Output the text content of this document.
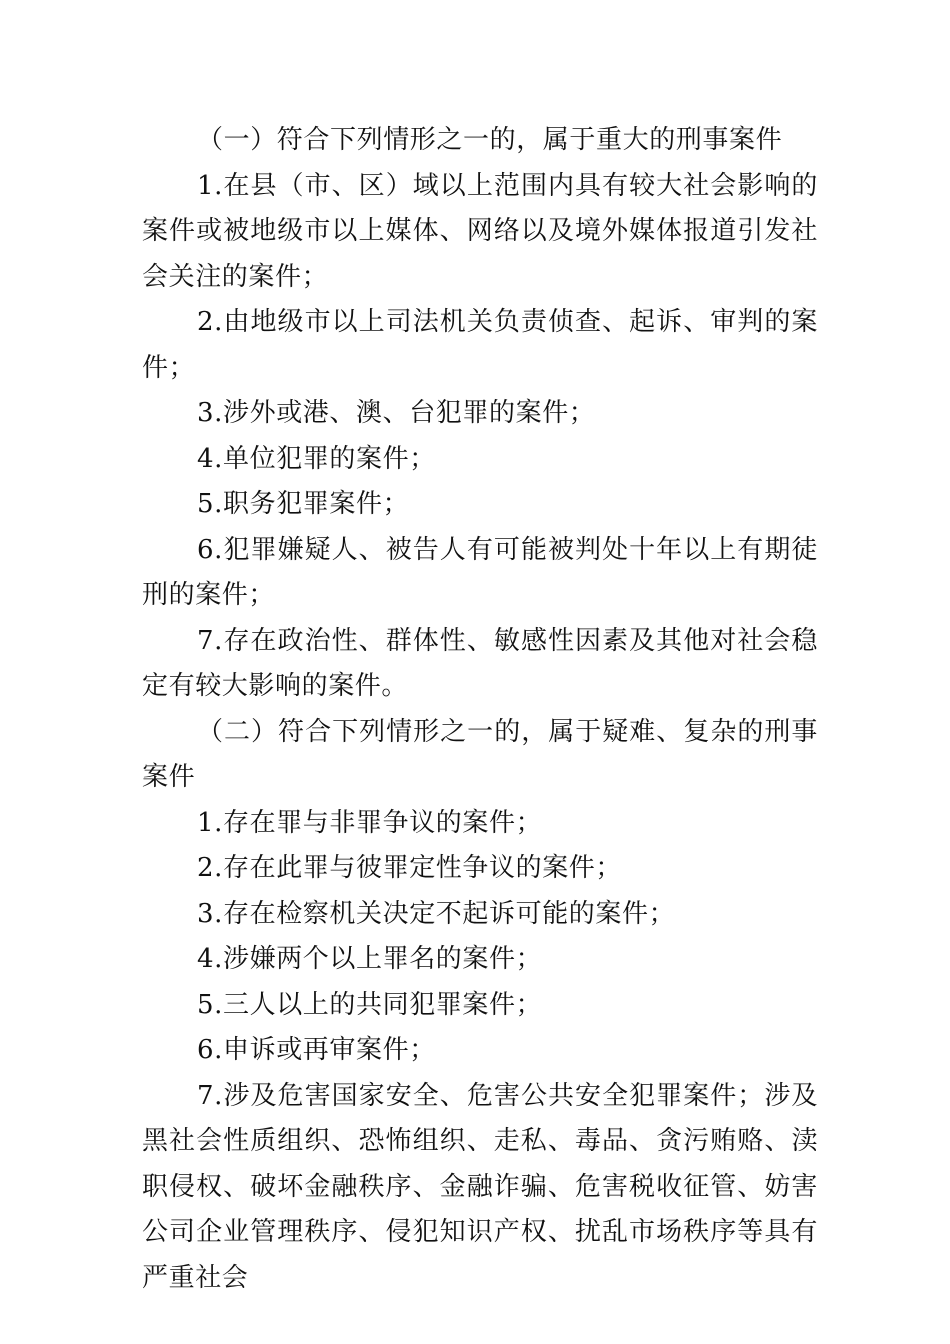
（一）符合下列情形之一的，属于重大的刑事案件

1.在县（市、区）域以上范围内具有较大社会影响的案件或被地级市以上媒体、网络以及境外媒体报道引发社会关注的案件；

2.由地级市以上司法机关负责侦查、起诉、审判的案件；

3.涉外或港、澳、台犯罪的案件；

4.单位犯罪的案件；

5.职务犯罪案件；

6.犯罪嫌疑人、被告人有可能被判处十年以上有期徒刑的案件；

7.存在政治性、群体性、敏感性因素及其他对社会稳定有较大影响的案件。

（二）符合下列情形之一的，属于疑难、复杂的刑事案件

1.存在罪与非罪争议的案件；

2.存在此罪与彼罪定性争议的案件；

3.存在检察机关决定不起诉可能的案件；

4.涉嫌两个以上罪名的案件；

5.三人以上的共同犯罪案件；

6.申诉或再审案件；

7.涉及危害国家安全、危害公共安全犯罪案件；涉及黑社会性质组织、恐怖组织、走私、毒品、贪污贿赂、渎职侵权、破坏金融秩序、金融诈骗、危害税收征管、妨害公司企业管理秩序、侵犯知识产权、扰乱市场秩序等具有严重社会
